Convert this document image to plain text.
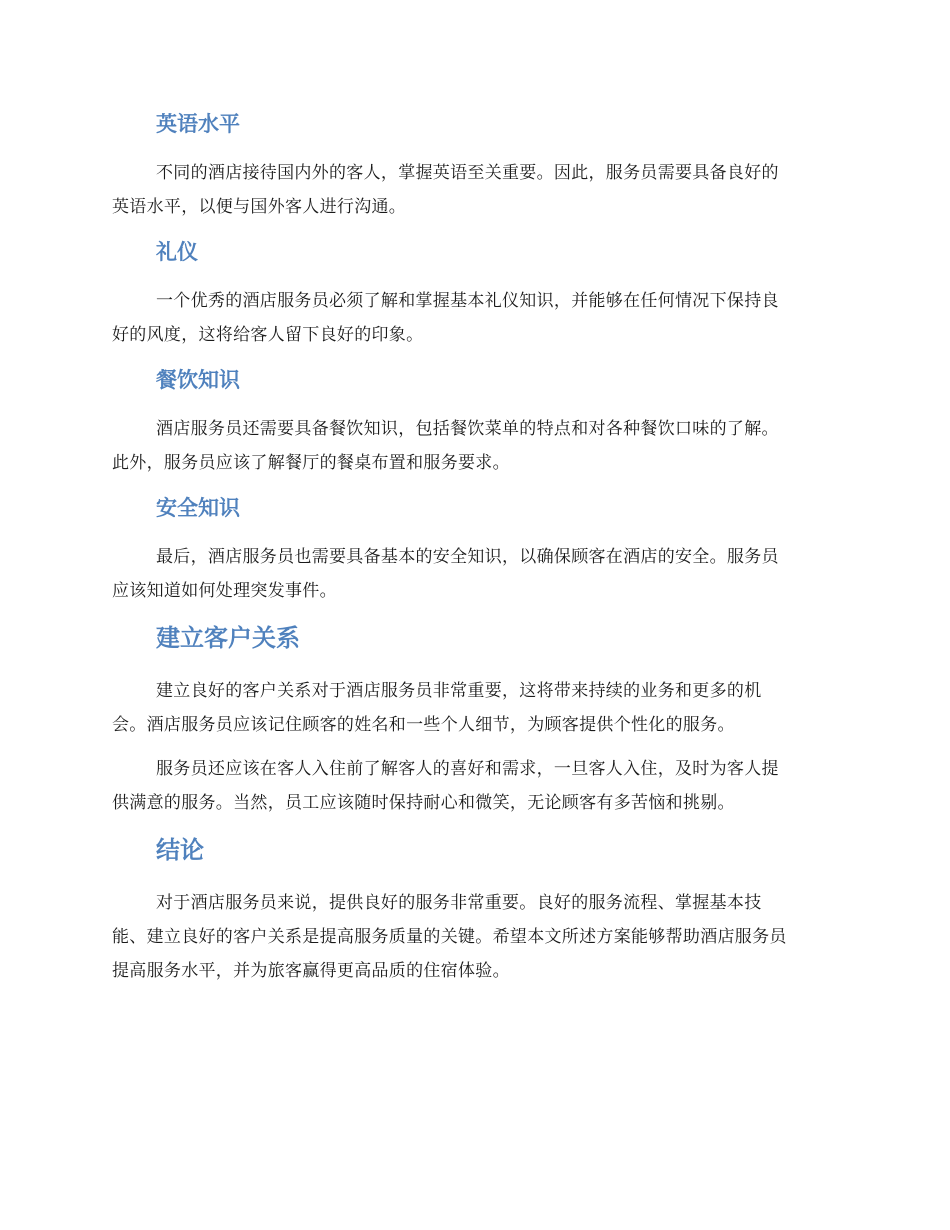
英语水平
不同的酒店接待国内外的客人，掌握英语至关重要。因此，服务员需要具备良好的
英语水平，以便与国外客人进行沟通。
礼仪
一个优秀的酒店服务员必须了解和掌握基本礼仪知识，并能够在任何情况下保持良
好的风度，这将给客人留下良好的印象。
餐饮知识
酒店服务员还需要具备餐饮知识，包括餐饮菜单的特点和对各种餐饮口味的了解。
此外，服务员应该了解餐厅的餐桌布置和服务要求。
安全知识
最后，酒店服务员也需要具备基本的安全知识，以确保顾客在酒店的安全。服务员
应该知道如何处理突发事件。
建立客户关系
建立良好的客户关系对于酒店服务员非常重要，这将带来持续的业务和更多的机
会。酒店服务员应该记住顾客的姓名和一些个人细节，为顾客提供个性化的服务。
服务员还应该在客人入住前了解客人的喜好和需求，一旦客人入住，及时为客人提
供满意的服务。当然，员工应该随时保持耐心和微笑，无论顾客有多苦恼和挑剔。
结论
对于酒店服务员来说，提供良好的服务非常重要。良好的服务流程、掌握基本技
能、建立良好的客户关系是提高服务质量的关键。希望本文所述方案能够帮助酒店服务员
提高服务水平，并为旅客赢得更高品质的住宿体验。
